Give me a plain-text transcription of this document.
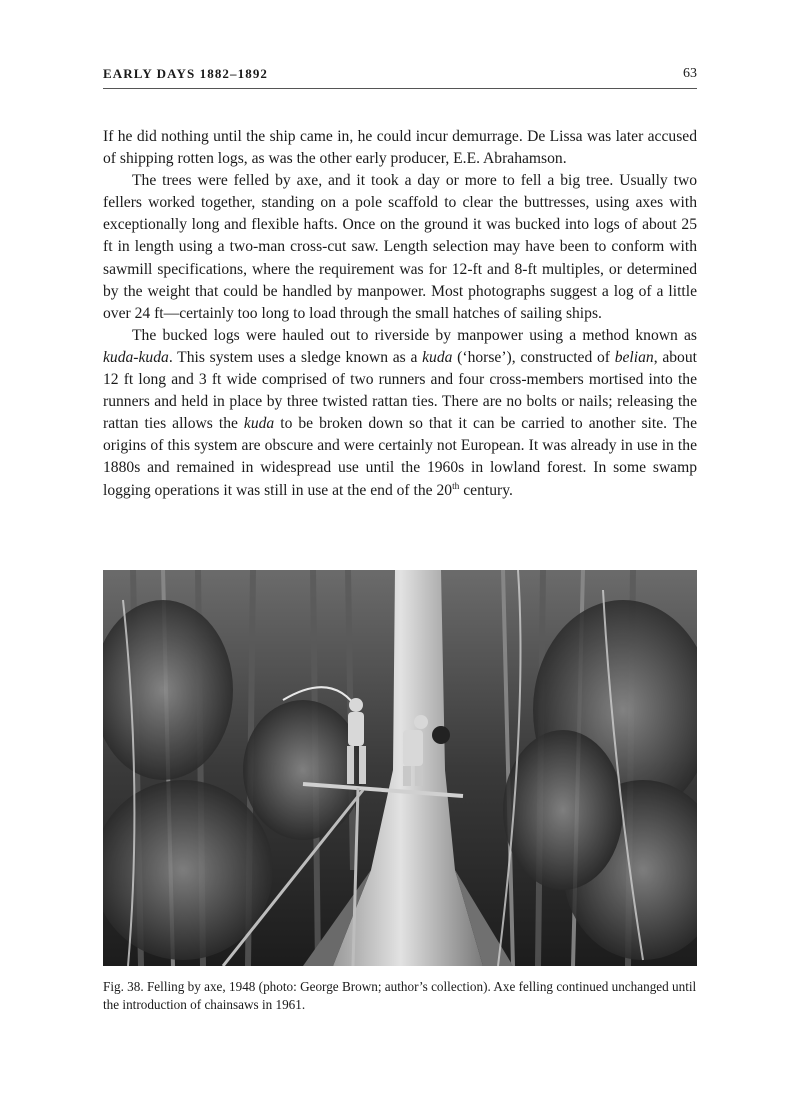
EARLY DAYS 1882–1892	63

If he did nothing until the ship came in, he could incur demurrage. De Lissa was later accused of shipping rotten logs, as was the other early producer, E.E. Abrahamson.

The trees were felled by axe, and it took a day or more to fell a big tree. Usually two fellers worked together, standing on a pole scaffold to clear the buttresses, using axes with exceptionally long and flexible hafts. Once on the ground it was bucked into logs of about 25 ft in length using a two-man cross-cut saw. Length selection may have been to conform with sawmill specifications, where the requirement was for 12-ft and 8-ft multiples, or determined by the weight that could be handled by manpower. Most photographs suggest a log of a little over 24 ft—certainly too long to load through the small hatches of sailing ships.

The bucked logs were hauled out to riverside by manpower using a method known as kuda-kuda. This system uses a sledge known as a kuda (‘horse’), constructed of belian, about 12 ft long and 3 ft wide comprised of two runners and four cross-members mortised into the runners and held in place by three twisted rattan ties. There are no bolts or nails; releasing the rattan ties allows the kuda to be broken down so that it can be carried to another site. The origins of this system are obscure and were certainly not European. It was already in use in the 1880s and remained in widespread use until the 1960s in lowland forest. In some swamp logging operations it was still in use at the end of the 20th century.

Fig. 38. Felling by axe, 1948 (photo: George Brown; author’s collection). Axe felling continued unchanged until the introduction of chainsaws in 1961.
